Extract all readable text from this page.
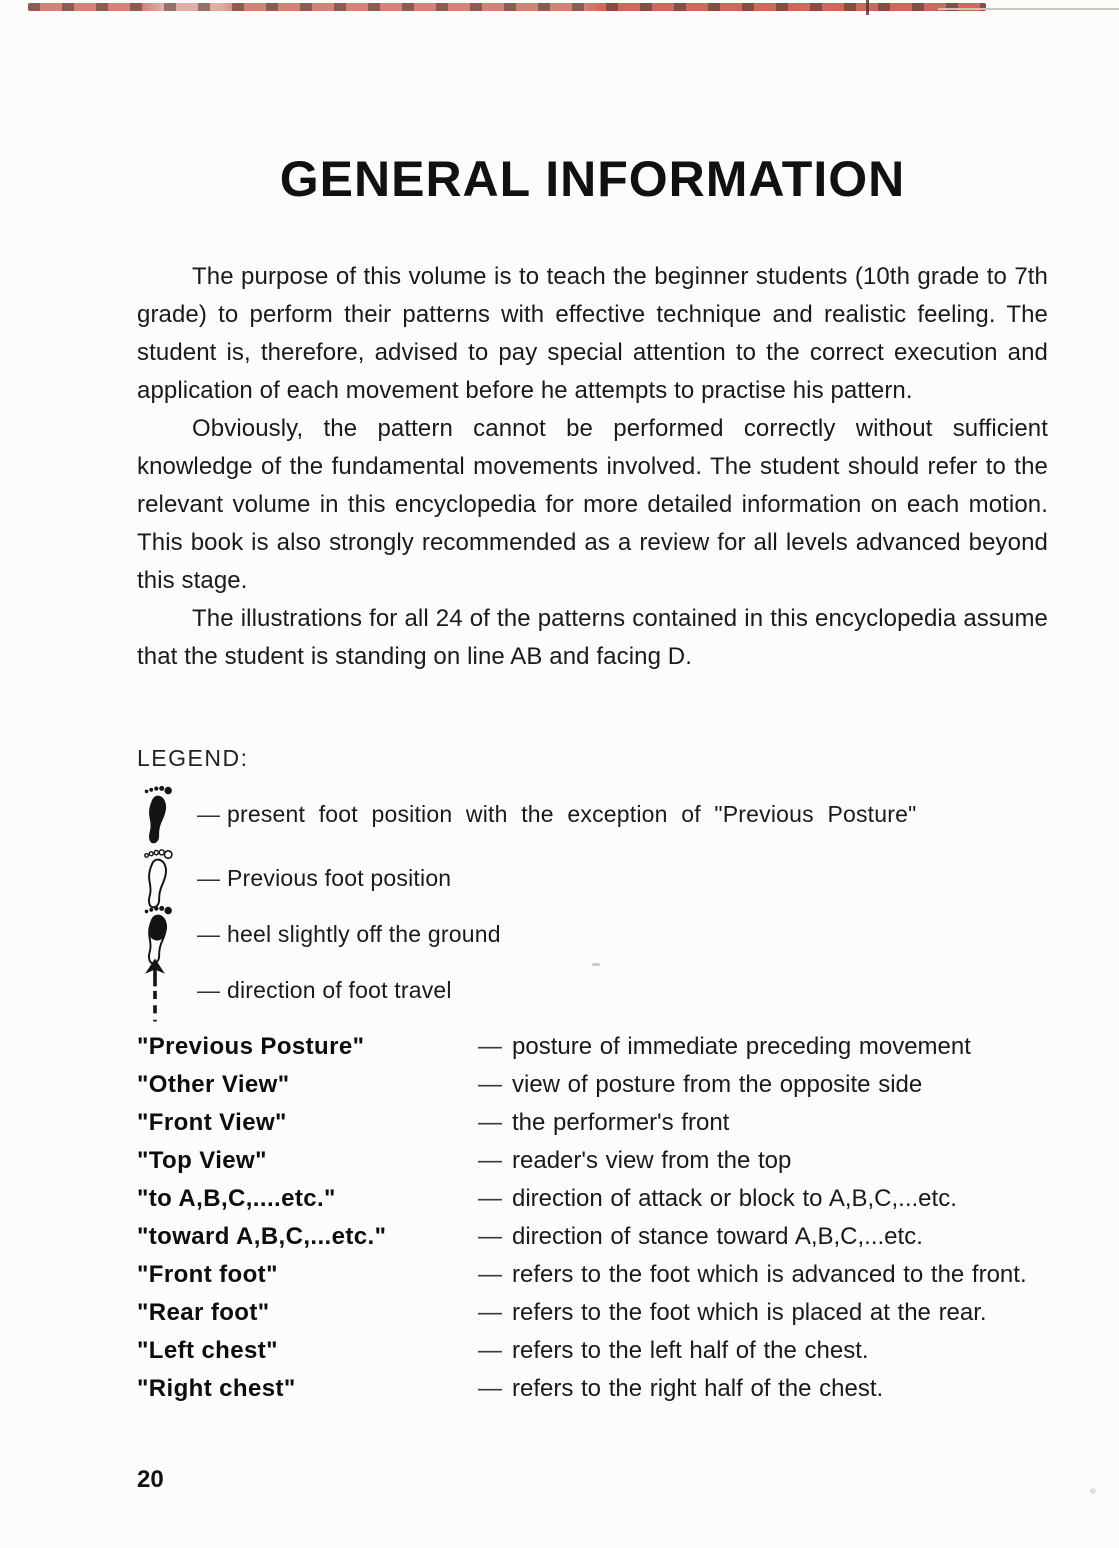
GENERAL INFORMATION

The purpose of this volume is to teach the beginner students (10th grade to 7th grade) to perform their patterns with effective technique and realistic feeling. The student is, therefore, advised to pay special attention to the correct execution and application of each movement before he attempts to practise his pattern.

Obviously, the pattern cannot be performed correctly without sufficient knowledge of the fundamental movements involved. The student should refer to the relevant volume in this encyclopedia for more detailed information on each motion. This book is also strongly recommended as a review for all levels advanced beyond this stage.

The illustrations for all 24 of the patterns contained in this encyclopedia assume that the student is standing on line AB and facing D.

LEGEND:
— present foot position with the exception of "Previous Posture"
— Previous foot position
— heel slightly off the ground
— direction of foot travel
"Previous Posture"	— posture of immediate preceding movement
"Other View"	— view of posture from the opposite side
"Front View"	— the performer's front
"Top View"	— reader's view from the top
"to A,B,C,....etc."	— direction of attack or block to A,B,C,...etc.
"toward A,B,C,...etc."	— direction of stance toward A,B,C,...etc.
"Front foot"	— refers to the foot which is advanced to the front.
"Rear foot"	— refers to the foot which is placed at the rear.
"Left chest"	— refers to the left half of the chest.
"Right chest"	— refers to the right half of the chest.
20
